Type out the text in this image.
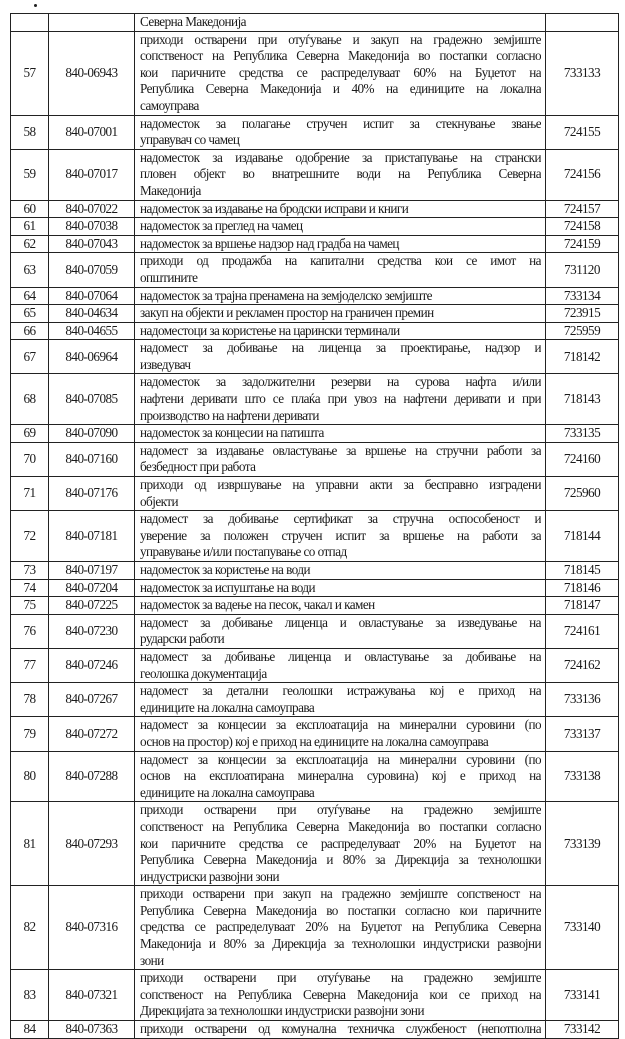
		Северна Македонија	

57	840-06943	приходи остварени при отуѓување и закуп на градежно земјиште
сопственост на Република Северна Македонија во постапки согласно
кои паричните средства се распределуваат 60% на Буџетот на
Република Северна Македонија и 40% на единиците на локална
самоуправа	733133
58	840-07001	надоместок за полагање стручен испит за стекнување звање
управувач со чамец	724155
59	840-07017	надоместок за издавање одобрение за пристапување на странски
пловен објект во внатрешните води на Република Северна
Македонија	724156
60	840-07022	надоместок за издавање на бродски исправи и книги	724157
61	840-07038	надоместок за преглед на чамец	724158
62	840-07043	надоместок за вршење надзор над градба на чамец	724159
63	840-07059	приходи од продажба на капитални средства кои се имот на
општините	731120
64	840-07064	надоместок за трајна пренамена на земјоделско земјиште	733134
65	840-04634	закуп на објекти и рекламен простор на граничен премин	723915
66	840-04655	надоместоци за користење на царински терминали	725959
67	840-06964	надомест за добивање на лиценца за проектирање, надзор и
изведувач	718142
68	840-07085	надоместок за задолжителни резерви на сурова нафта и/или
нафтени деривати што се плаќа при увоз на нафтени деривати и при
производство на нафтени деривати	718143
69	840-07090	надоместок за концесии на патишта	733135
70	840-07160	надомест за издавање овластување за вршење на стручни работи за
безбедност при работа	724160
71	840-07176	приходи од извршување на управни акти за бесправно изградени
објекти	725960
72	840-07181	надомест за добивање сертификат за стручна оспособеност и
уверение за положен стручен испит за вршење на работи за
управување и/или постапување со отпад	718144
73	840-07197	надоместок за користење на води	718145
74	840-07204	надоместок за испуштање на води	718146
75	840-07225	надоместок за вадење на песок, чакал и камен	718147
76	840-07230	надомест за добивање лиценца и овластување за изведување на
рударски работи	724161
77	840-07246	надомест за добивање лиценца и овластување за добивање на
геолошка документација	724162
78	840-07267	надомест за детални геолошки истражувања кој е приход на
единиците на локална самоуправа	733136
79	840-07272	надомест за концесии за експлоатација на минерални суровини (по
основ на простор) кој е приход на единиците на локална самоуправа	733137
80	840-07288	надомест за концесии за експлоатација на минерални суровини (по
основ на експлоатирана минерална суровина) кој е приход на
единиците на локална самоуправа	733138
81	840-07293	приходи остварени при отуѓување на градежно земјиште
сопственост на Република Северна Македонија во постапки согласно
кои паричните средства се распределуваат 20% на Буџетот на
Република Северна Македонија и 80% за Дирекција за технолошки
индустриски развојни зони	733139
82	840-07316	приходи остварени при закуп на градежно земјиште сопственост на
Република Северна Македонија во постапки согласно кои паричните
средства се распределуваат 20% на Буџетот на Република Северна
Македонија и 80% за Дирекција за технолошки индустриски развојни
зони	733140
83	840-07321	приходи остварени при отуѓување на градежно земјиште
сопственост на Република Северна Македонија кои се приход на
Дирекцијата за технолошки индустриски развојни зони	733141
84	840-07363	приходи остварени од комунална техничка службеност (непотполна	733142
